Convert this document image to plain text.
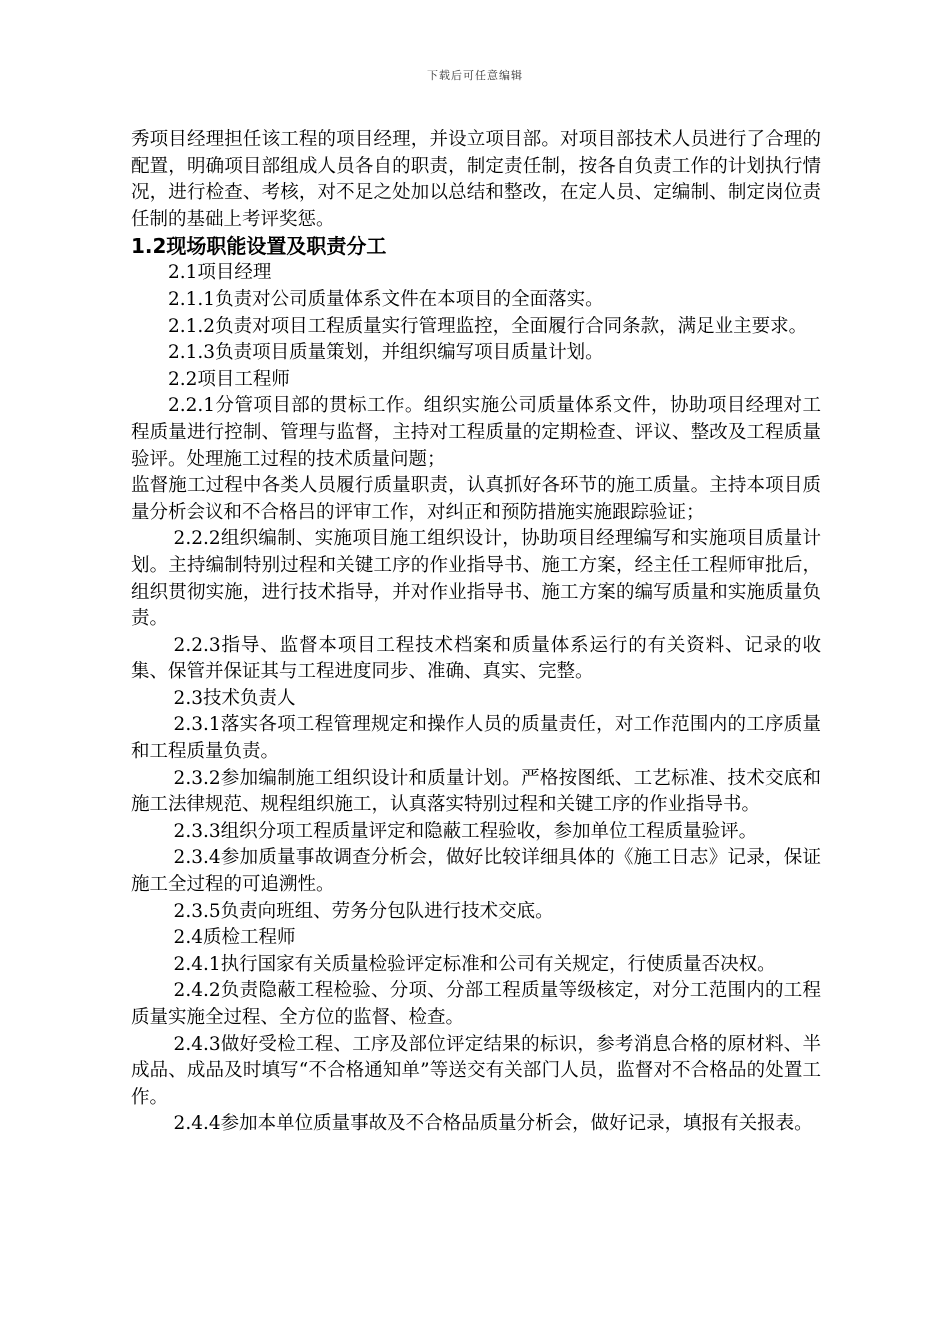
下载后可任意编辑

秀项目经理担任该工程的项目经理，并设立项目部。对项目部技术人员进行了合理的配置，明确项目部组成人员各自的职责，制定责任制，按各自负责工作的计划执行情况，进行检查、考核，对不足之处加以总结和整改，在定人员、定编制、制定岗位责任制的基础上考评奖惩。

1.2现场职能设置及职责分工

2.1项目经理

2.1.1负责对公司质量体系文件在本项目的全面落实。

2.1.2负责对项目工程质量实行管理监控，全面履行合同条款，满足业主要求。

2.1.3负责项目质量策划，并组织编写项目质量计划。

2.2项目工程师

2.2.1分管项目部的贯标工作。组织实施公司质量体系文件，协助项目经理对工程质量进行控制、管理与监督，主持对工程质量的定期检查、评议、整改及工程质量验评。处理施工过程的技术质量问题；

监督施工过程中各类人员履行质量职责，认真抓好各环节的施工质量。主持本项目质量分析会议和不合格吕的评审工作，对纠正和预防措施实施跟踪验证；

2.2.2组织编制、实施项目施工组织设计，协助项目经理编写和实施项目质量计划。主持编制特别过程和关键工序的作业指导书、施工方案，经主任工程师审批后，组织贯彻实施，进行技术指导，并对作业指导书、施工方案的编写质量和实施质量负责。

2.2.3指导、监督本项目工程技术档案和质量体系运行的有关资料、记录的收集、保管并保证其与工程进度同步、准确、真实、完整。

2.3技术负责人

2.3.1落实各项工程管理规定和操作人员的质量责任，对工作范围内的工序质量和工程质量负责。

2.3.2参加编制施工组织设计和质量计划。严格按图纸、工艺标准、技术交底和施工法律规范、规程组织施工，认真落实特别过程和关键工序的作业指导书。

2.3.3组织分项工程质量评定和隐蔽工程验收，参加单位工程质量验评。

2.3.4参加质量事故调查分析会，做好比较详细具体的《施工日志》记录，保证施工全过程的可追溯性。

2.3.5负责向班组、劳务分包队进行技术交底。

2.4质检工程师

2.4.1执行国家有关质量检验评定标准和公司有关规定，行使质量否决权。

2.4.2负责隐蔽工程检验、分项、分部工程质量等级核定，对分工范围内的工程质量实施全过程、全方位的监督、检查。

2.4.3做好受检工程、工序及部位评定结果的标识，参考消息合格的原材料、半成品、成品及时填写“不合格通知单”等送交有关部门人员，监督对不合格品的处置工作。

2.4.4参加本单位质量事故及不合格品质量分析会，做好记录，填报有关报表。
